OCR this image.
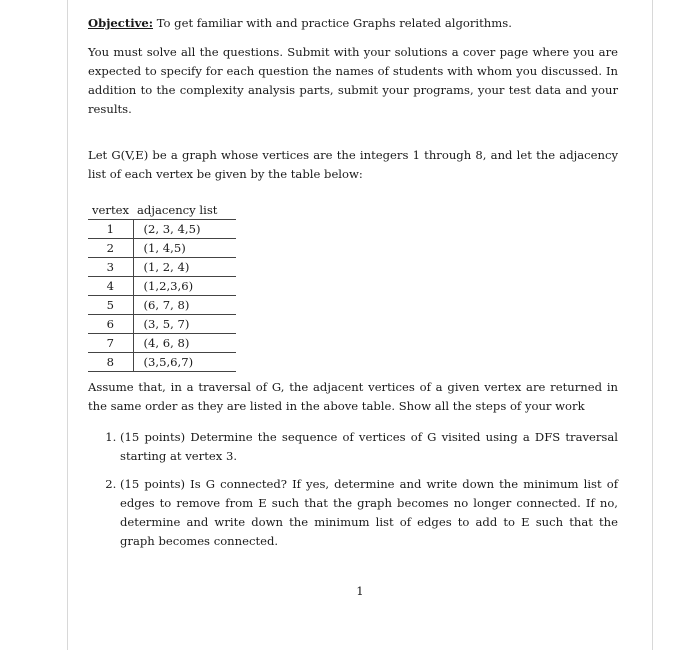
Objective: To get familiar with and practice Graphs related algorithms.

You must solve all the questions. Submit with your solutions a cover page where you are expected to specify for each question the names of students with whom you discussed. In addition to the complexity analysis parts, submit your programs, your test data and your results.

Let G(V,E) be a graph whose vertices are the integers 1 through 8, and let the adjacency list of each vertex be given by the table below:

vertex	adjacency list
1	(2, 3, 4,5)
2	(1, 4,5)
3	(1, 2, 4)
4	(1,2,3,6)
5	(6, 7, 8)
6	(3, 5, 7)
7	(4, 6, 8)
8	(3,5,6,7)

Assume that, in a traversal of G, the adjacent vertices of a given vertex are returned in the same order as they are listed in the above table. Show all the steps of your work

1. (15 points) Determine the sequence of vertices of G visited using a DFS traversal starting at vertex 3.
2. (15 points) Is G connected? If yes, determine and write down the minimum list of edges to remove from E such that the graph becomes no longer connected. If no, determine and write down the minimum list of edges to add to E such that the graph becomes connected.
1
